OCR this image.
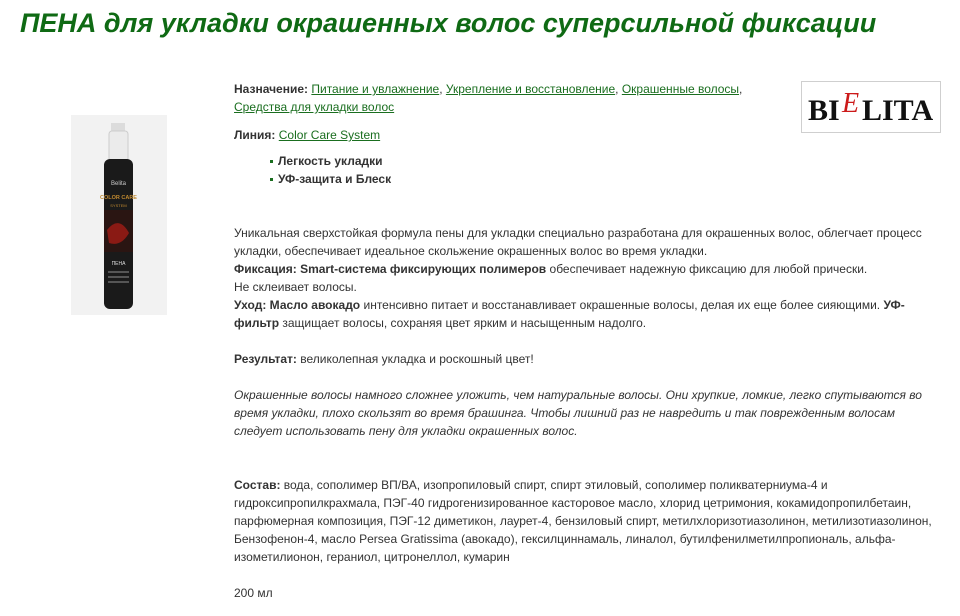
ПЕНА для укладки окрашенных волос суперсильной фиксации
Belita
COLOR CARE
SYSTEM
ПЕНА
BI E LITA

Назначение: Питание и увлажнение, Укрепление и восстановление, Окрашенные волосы,
Средства для укладки волос

Линия: Color Care System

Легкость укладки
УФ-защита и Блеск

Уникальная сверхстойкая формула пены для укладки специально разработана для окрашенных волос, облегчает процесс укладки, обеспечивает идеальное скольжение окрашенных волос во время укладки.

Фиксация: Smart-система фиксирующих полимеров обеспечивает надежную фиксацию для любой прически.

Не склеивает волосы.

Уход: Масло авокадо интенсивно питает и восстанавливает окрашенные волосы, делая их еще более сияющими. УФ-фильтр защищает волосы, сохраняя цвет ярким и насыщенным надолго.

Результат: великолепная укладка и роскошный цвет!

Окрашенные волосы намного сложнее уложить, чем натуральные волосы. Они хрупкие, ломкие, легко спутываются во время укладки, плохо скользят во время брашинга. Чтобы лишний раз не навредить и так поврежденным волосам следует использовать пену для укладки окрашенных волос.

Состав: вода, сополимер ВП/ВА, изопропиловый спирт, спирт этиловый, сополимер поликватерниума-4 и гидроксипропилкрахмала, ПЭГ-40 гидрогенизированное касторовое масло, хлорид цетримония, кокамидопропилбетаин, парфюмерная композиция, ПЭГ-12 диметикон, лаурет-4, бензиловый спирт, метилхлоризотиазолинон, метилизотиазолинон, Бензофенон-4, масло Persea Gratissima (авокадо), гексилциннамаль, линалол, бутилфенилметилпропиональ, альфа-изометилионон, гераниол, цитронеллол, кумарин

200 мл
